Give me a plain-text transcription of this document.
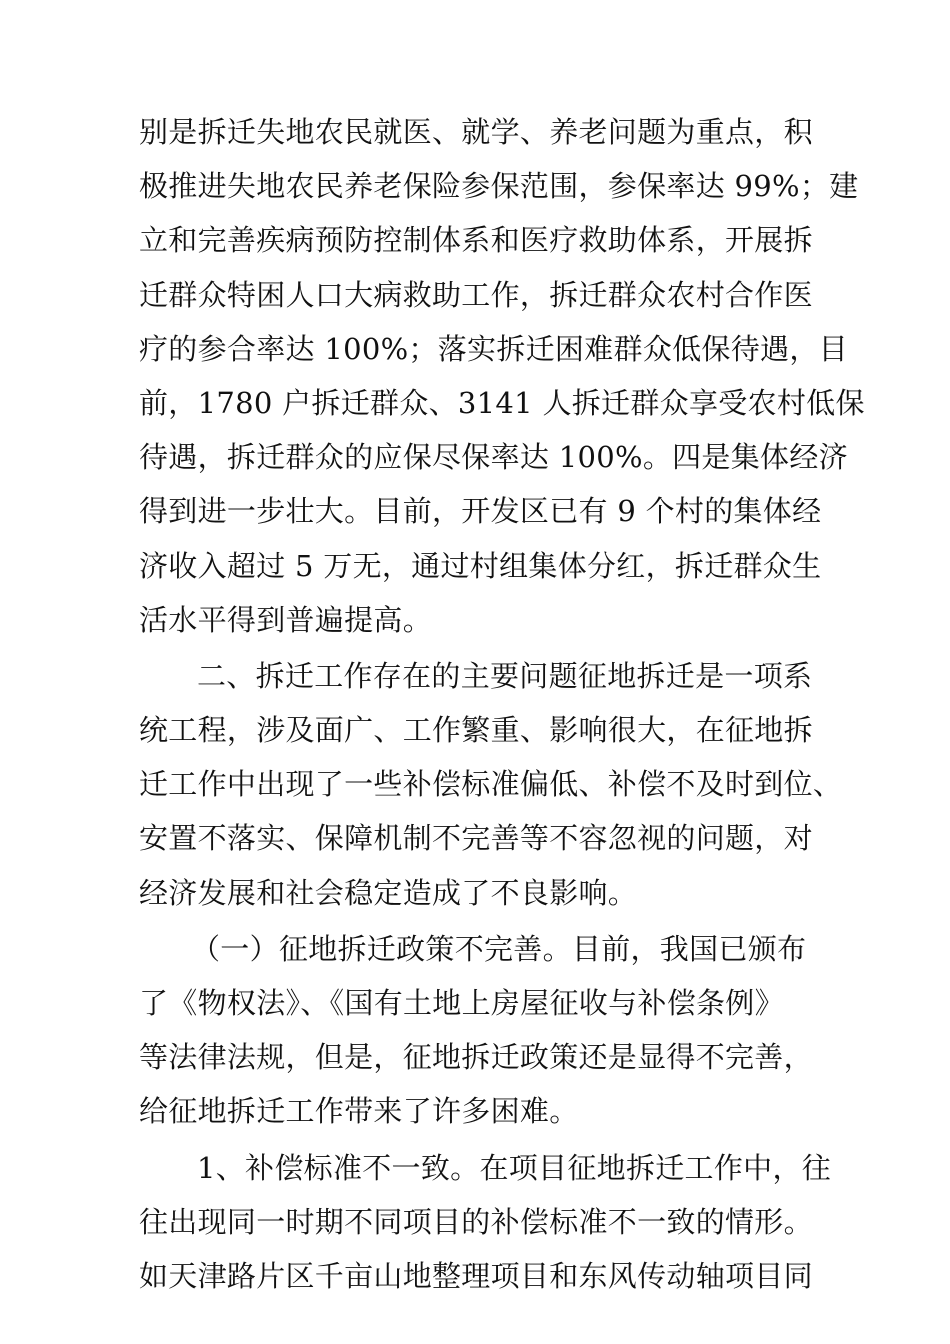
别是拆迁失地农民就医、就学、养老问题为重点，积
极推进失地农民养老保险参保范围，参保率达 99%；建
立和完善疾病预防控制体系和医疗救助体系，开展拆
迁群众特困人口大病救助工作，拆迁群众农村合作医
疗的参合率达 100%；落实拆迁困难群众低保待遇，目
前，1780 户拆迁群众、3141 人拆迁群众享受农村低保
待遇，拆迁群众的应保尽保率达 100%。四是集体经济
得到进一步壮大。目前，开发区已有 9 个村的集体经
济收入超过 5 万无，通过村组集体分红，拆迁群众生
活水平得到普遍提高。
二、拆迁工作存在的主要问题征地拆迁是一项系
统工程，涉及面广、工作繁重、影响很大，在征地拆
迁工作中出现了一些补偿标准偏低、补偿不及时到位、
安置不落实、保障机制不完善等不容忽视的问题，对
经济发展和社会稳定造成了不良影响。
（一）征地拆迁政策不完善。目前，我国已颁布
了《物权法》、《国有土地上房屋征收与补偿条例》
等法律法规，但是，征地拆迁政策还是显得不完善，
给征地拆迁工作带来了许多困难。
1、补偿标准不一致。在项目征地拆迁工作中，往
往出现同一时期不同项目的补偿标准不一致的情形。
如天津路片区千亩山地整理项目和东风传动轴项目同
